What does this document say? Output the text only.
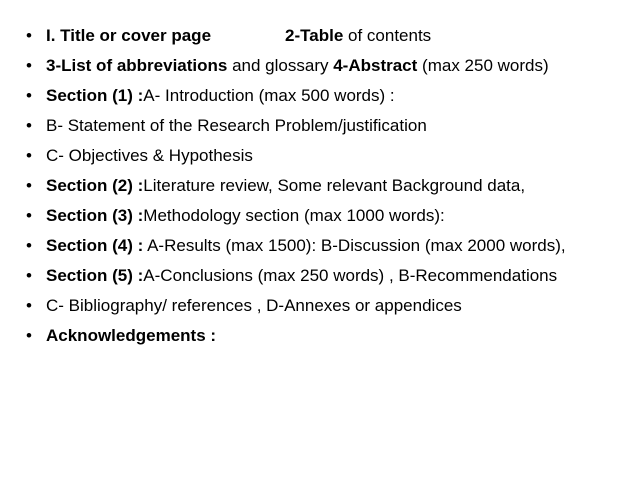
• I. Title or cover page	2-Table of contents
• 3-List of abbreviations and glossary 4-Abstract (max 250 words)
• Section (1) :A- Introduction (max 500 words) :
• B- Statement of the Research Problem/justification
• C- Objectives & Hypothesis
• Section (2) :Literature review, Some relevant Background data,
• Section (3) :Methodology section (max 1000 words):
• Section (4) : A-Results (max 1500): B-Discussion (max 2000 words),
• Section (5) :A-Conclusions (max 250 words) , B-Recommendations
• C- Bibliography/ references , D-Annexes or appendices
• Acknowledgements :
